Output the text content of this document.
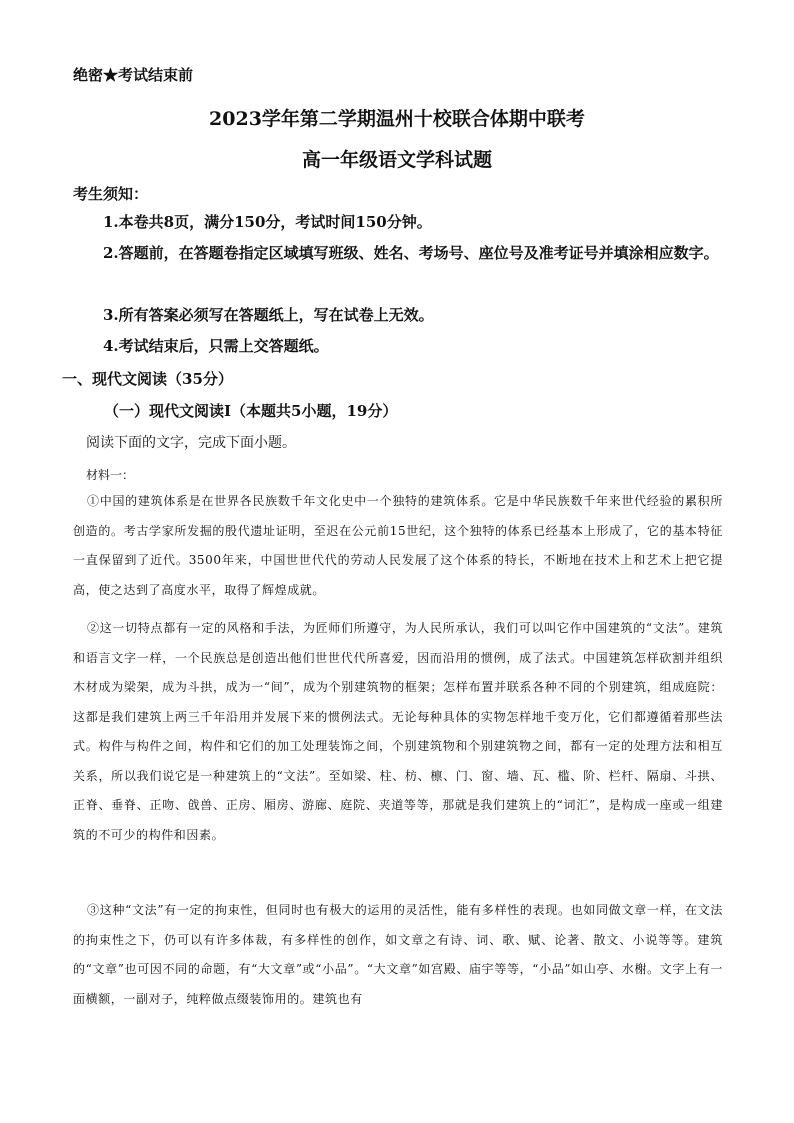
绝密★考试结束前
2023学年第二学期温州十校联合体期中联考
高一年级语文学科试题
考生须知：
1.本卷共8页，满分150分，考试时间150分钟。
2.答题前，在答题卷指定区域填写班级、姓名、考场号、座位号及准考证号并填涂相应数字。
3.所有答案必须写在答题纸上，写在试卷上无效。
4.考试结束后，只需上交答题纸。
一、现代文阅读（35分）
（一）现代文阅读Ⅰ（本题共5小题，19分）
阅读下面的文字，完成下面小题。
材料一：
①中国的建筑体系是在世界各民族数千年文化史中一个独特的建筑体系。它是中华民族数千年来世代经验的累积所创造的。考古学家所发掘的殷代遗址证明，至迟在公元前15世纪，这个独特的体系已经基本上形成了，它的基本特征一直保留到了近代。3500年来，中国世世代代的劳动人民发展了这个体系的特长，不断地在技术上和艺术上把它提高，使之达到了高度水平，取得了辉煌成就。
②这一切特点都有一定的风格和手法，为匠师们所遵守，为人民所承认，我们可以叫它作中国建筑的“文法”。建筑和语言文字一样，一个民族总是创造出他们世世代代所喜爱，因而沿用的惯例，成了法式。中国建筑怎样砍割并组织木材成为梁架，成为斗拱，成为一“间”，成为个别建筑物的框架；怎样布置并联系各种不同的个别建筑，组成庭院：这都是我们建筑上两三千年沿用并发展下来的惯例法式。无论每种具体的实物怎样地千变万化，它们都遵循着那些法式。构件与构件之间，构件和它们的加工处理装饰之间，个别建筑物和个别建筑物之间，都有一定的处理方法和相互关系，所以我们说它是一种建筑上的“文法”。至如梁、柱、枋、檩、门、窗、墙、瓦、槛、阶、栏杆、隔扇、斗拱、正脊、垂脊、正吻、戗兽、正房、厢房、游廊、庭院、夹道等等，那就是我们建筑上的“词汇”，是构成一座或一组建筑的不可少的构件和因素。
③这种“文法”有一定的拘束性，但同时也有极大的运用的灵活性，能有多样性的表现。也如同做文章一样，在文法的拘束性之下，仍可以有许多体裁，有多样性的创作，如文章之有诗、词、歌、赋、论著、散文、小说等等。建筑的“文章”也可因不同的命题，有“大文章”或“小品”。“大文章”如宫殿、庙宇等等，“小品”如山亭、水榭。文字上有一面横额，一副对子，纯粹做点缀装饰用的。建筑也有
